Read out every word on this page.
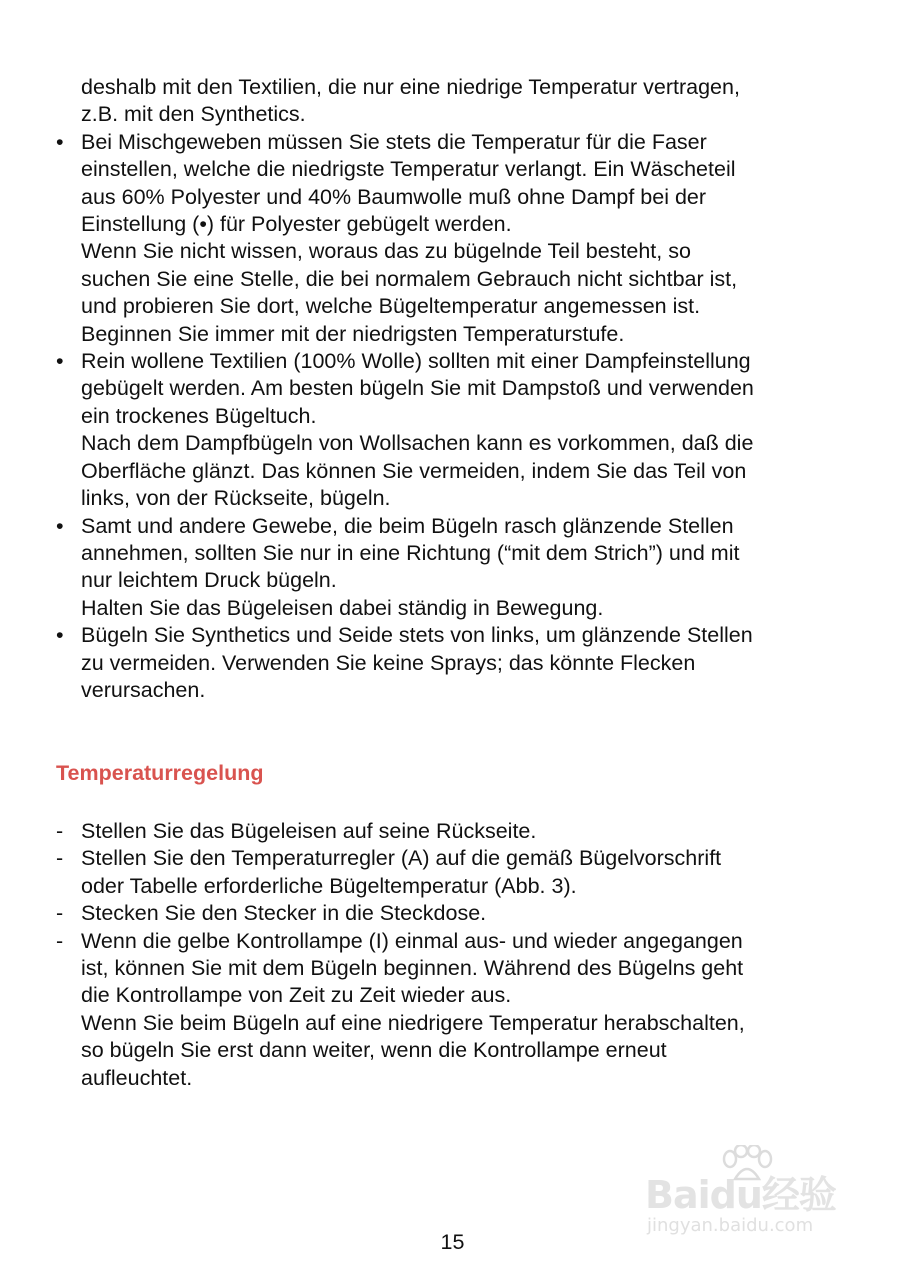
deshalb mit den Textilien, die nur eine niedrige Temperatur vertragen,
z.B. mit den Synthetics.
• Bei Mischgeweben müssen Sie stets die Temperatur für die Faser
einstellen, welche die niedrigste Temperatur verlangt. Ein Wäscheteil
aus 60% Polyester und 40% Baumwolle muß ohne Dampf bei der
Einstellung (•) für Polyester gebügelt werden.
Wenn Sie nicht wissen, woraus das zu bügelnde Teil besteht, so
suchen Sie eine Stelle, die bei normalem Gebrauch nicht sichtbar ist,
und probieren Sie dort, welche Bügeltemperatur angemessen ist.
Beginnen Sie immer mit der niedrigsten Temperaturstufe.
• Rein wollene Textilien (100% Wolle) sollten mit einer Dampfeinstellung
gebügelt werden. Am besten bügeln Sie mit Dampstoß und verwenden
ein trockenes Bügeltuch.
Nach dem Dampfbügeln von Wollsachen kann es vorkommen, daß die
Oberfläche glänzt. Das können Sie vermeiden, indem Sie das Teil von
links, von der Rückseite, bügeln.
• Samt und andere Gewebe, die beim Bügeln rasch glänzende Stellen
annehmen, sollten Sie nur in eine Richtung (“mit dem Strich”) und mit
nur leichtem Druck bügeln.
Halten Sie das Bügeleisen dabei ständig in Bewegung.
• Bügeln Sie Synthetics und Seide stets von links, um glänzende Stellen
zu vermeiden. Verwenden Sie keine Sprays; das könnte Flecken
verursachen.
Temperaturregelung
- Stellen Sie das Bügeleisen auf seine Rückseite.
- Stellen Sie den Temperaturregler (A) auf die gemäß Bügelvorschrift
oder Tabelle erforderliche Bügeltemperatur (Abb. 3).
- Stecken Sie den Stecker in die Steckdose.
- Wenn die gelbe Kontrollampe (I) einmal aus- und wieder angegangen
ist, können Sie mit dem Bügeln beginnen. Während des Bügelns geht
die Kontrollampe von Zeit zu Zeit wieder aus.
Wenn Sie beim Bügeln auf eine niedrigere Temperatur herabschalten,
so bügeln Sie erst dann weiter, wenn die Kontrollampe erneut
aufleuchtet.
Baidu经验
jingyan.baidu.com
15
